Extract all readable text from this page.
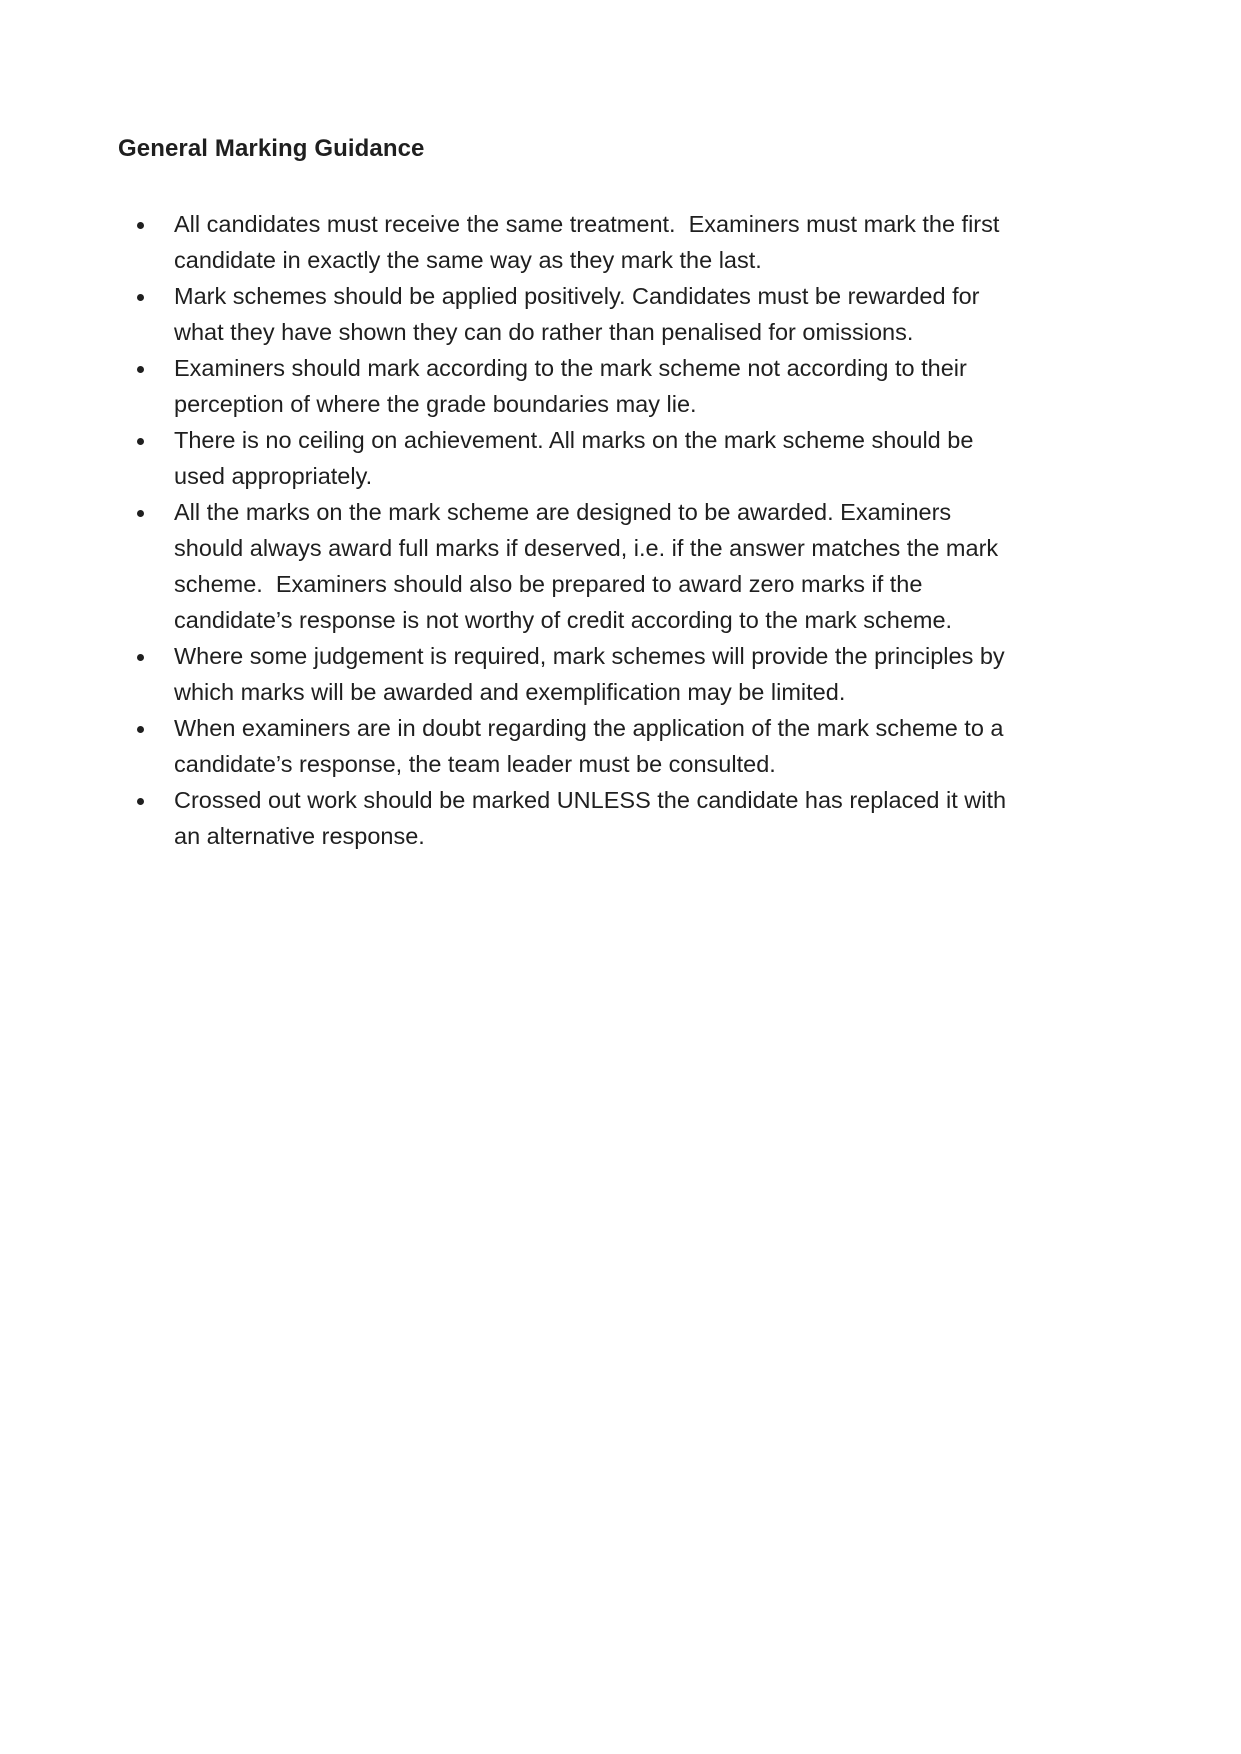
General Marking Guidance
All candidates must receive the same treatment.  Examiners must mark the first candidate in exactly the same way as they mark the last.
Mark schemes should be applied positively. Candidates must be rewarded for what they have shown they can do rather than penalised for omissions.
Examiners should mark according to the mark scheme not according to their perception of where the grade boundaries may lie.
There is no ceiling on achievement. All marks on the mark scheme should be used appropriately.
All the marks on the mark scheme are designed to be awarded. Examiners should always award full marks if deserved, i.e. if the answer matches the mark scheme.  Examiners should also be prepared to award zero marks if the candidate’s response is not worthy of credit according to the mark scheme.
Where some judgement is required, mark schemes will provide the principles by which marks will be awarded and exemplification may be limited.
When examiners are in doubt regarding the application of the mark scheme to a candidate’s response, the team leader must be consulted.
Crossed out work should be marked UNLESS the candidate has replaced it with an alternative response.
